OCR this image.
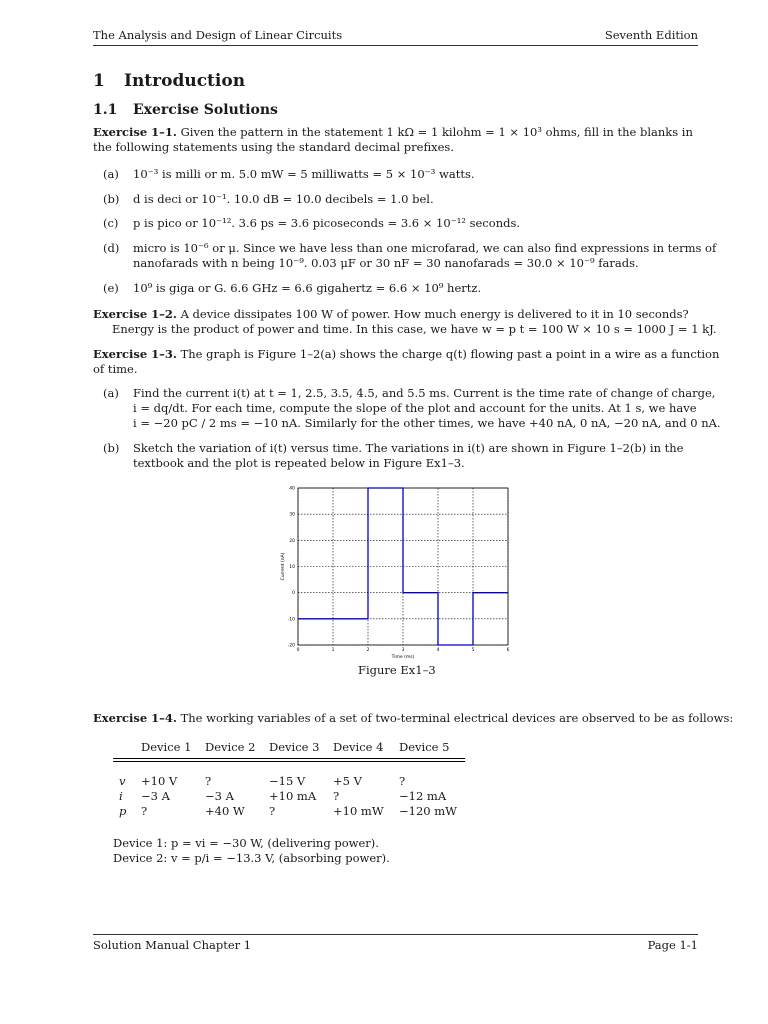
The Analysis and Design of Linear Circuits	Seventh Edition
1 Introduction
1.1 Exercise Solutions
Exercise 1–1. Given the pattern in the statement 1 kΩ = 1 kilohm = 1 × 10³ ohms, fill in the blanks in
the following statements using the standard decimal prefixes.
(a) 10⁻³ is milli or m. 5.0 mW = 5 milliwatts = 5 × 10⁻³ watts.
(b) d is deci or 10⁻¹. 10.0 dB = 10.0 decibels = 1.0 bel.
(c) p is pico or 10⁻¹². 3.6 ps = 3.6 picoseconds = 3.6 × 10⁻¹² seconds.
(d) micro is 10⁻⁶ or μ. Since we have less than one microfarad, we can also find expressions in terms of
nanofarads with n being 10⁻⁹. 0.03 μF or 30 nF = 30 nanofarads = 30.0 × 10⁻⁹ farads.
(e) 10⁹ is giga or G. 6.6 GHz = 6.6 gigahertz = 6.6 × 10⁹ hertz.
Exercise 1–2. A device dissipates 100 W of power. How much energy is delivered to it in 10 seconds?
Energy is the product of power and time. In this case, we have w = p t = 100 W × 10 s = 1000 J = 1 kJ.
Exercise 1–3. The graph is Figure 1–2(a) shows the charge q(t) flowing past a point in a wire as a function
of time.
(a) Find the current i(t) at t = 1, 2.5, 3.5, 4.5, and 5.5 ms. Current is the time rate of change of charge,
i = dq/dt. For each time, compute the slope of the plot and account for the units. At 1 s, we have
i = −20 pC / 2 ms = −10 nA. Similarly for the other times, we have +40 nA, 0 nA, −20 nA, and 0 nA.
(b) Sketch the variation of i(t) versus time. The variations in i(t) are shown in Figure 1–2(b) in the
textbook and the plot is repeated below in Figure Ex1–3.
0	1	2	3	4	5	6
-20
-10
0
10
20
30
40
Time (ms)
Current (nA)
Figure Ex1–3
Exercise 1–4. The working variables of a set of two-terminal electrical devices are observed to be as follows:
Device 1	Device 2	Device 3	Device 4	Device 5
v	+10 V	?	−15 V	+5 V	?
i	−3 A	−3 A	+10 mA	?	−12 mA
p	?	+40 W	?	+10 mW	−120 mW
Device 1: p = vi = −30 W, (delivering power).
Device 2: v = p/i = −13.3 V, (absorbing power).
Solution Manual Chapter 1	Page 1-1
